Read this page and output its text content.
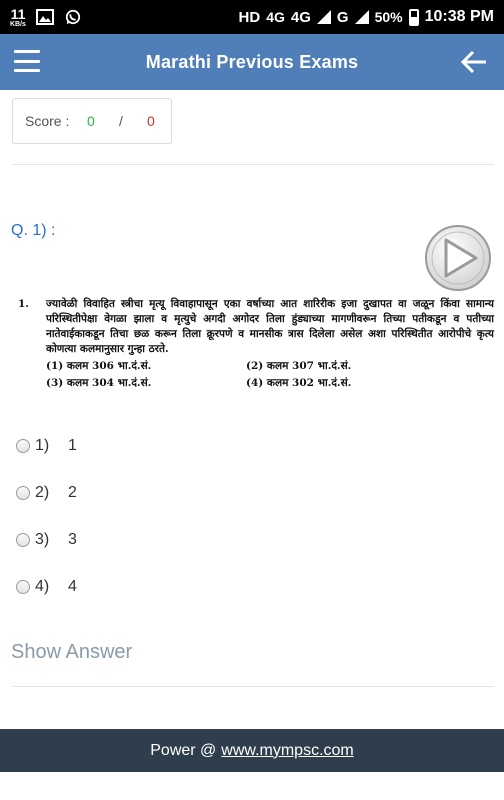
11
KB/s	HD 4G 4G G 50% 10:38 PM
Marathi Previous Exams
Score :	0	/	0
Q. 1) :
1. ज्यावेळी विवाहित स्त्रीचा मृत्यू विवाहापासून एका वर्षाच्या आत शारिरीक इजा दुखापत वा जळून किंवा सामान्य परिस्थितीपेक्षा वेगळा झाला व मृत्युचे अगदी अगोदर तिला हुंड्याच्या मागणीवरून तिच्या पतीकडून व पतीच्या नातेवाईकाकडून तिचा छळ करून तिला क्रूरपणे व मानसीक त्रास दिलेला असेल अशा परिस्थितीत आरोपीचे कृत्य कोणत्या कलमानुसार गुन्हा ठरते.
(1) कलम 306 भा.दं.सं.	(2) कलम 307 भा.दं.सं.
(3) कलम 304 भा.दं.सं.	(4) कलम 302 भा.दं.सं.
1)	1
2)	2
3)	3
4)	4
Show Answer
Power @ www.mympsc.com
